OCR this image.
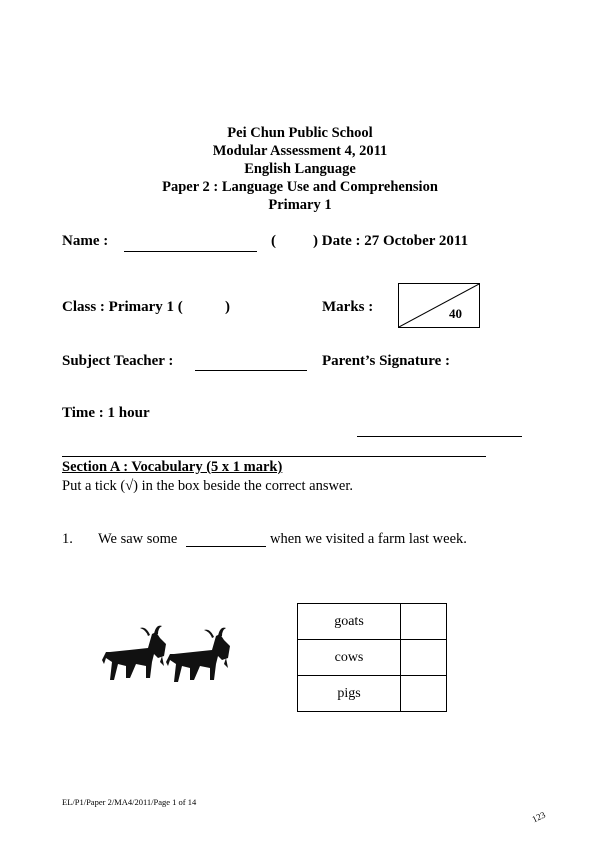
Pei Chun Public School
Modular Assessment 4, 2011
English Language
Paper 2 : Language Use and Comprehension
Primary 1
Name :	( ) Date : 27 October 2011
Class : Primary 1 (	)	Marks :	40
Subject Teacher :	Parent’s Signature :
Time : 1 hour
Section A : Vocabulary (5 x 1 mark)
Put a tick (√) in the box beside the correct answer.
1. We saw some	when we visited a farm last week.
goats	
cows	
pigs	
EL/P1/Paper 2/MA4/2011/Page 1 of 14
123
